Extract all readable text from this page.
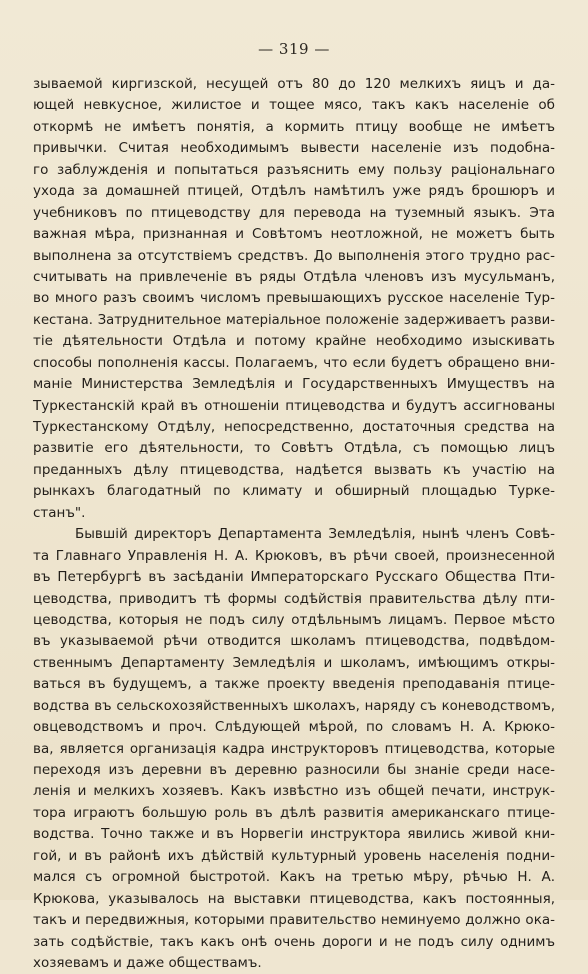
— 319 —
зываемой киргизской, несущей отъ 80 до 120 мелкихъ яицъ и да-
ющей невкусное, жилистое и тощее мясо, такъ какъ населеніе об
откормѣ не имѣетъ понятія, а кормить птицу вообще не имѣетъ
привычки. Считая необходимымъ вывести населеніе изъ подобна-
го заблужденія и попытаться разъяснить ему пользу раціональнаго
ухода за домашней птицей, Отдѣлъ намѣтилъ уже рядъ брошюръ и
учебниковъ по птицеводству для перевода на туземный языкъ. Эта
важная мѣра, признанная и Совѣтомъ неотложной, не можетъ быть
выполнена за отсутствіемъ средствъ. До выполненія этого трудно рас-
считывать на привлеченіе въ ряды Отдѣла членовъ изъ мусульманъ,
во много разъ своимъ числомъ превышающихъ русское населеніе Тур-
кестана. Затруднительное матеріальное положеніе задерживаетъ разви-
тіе дѣятельности Отдѣла и потому крайне необходимо изыскивать
способы пополненія кассы. Полагаемъ, что если будетъ обращено вни-
маніе Министерства Земледѣлія и Государственныхъ Имуществъ на
Туркестанскій край въ отношеніи птицеводства и будутъ ассигнованы
Туркестанскому Отдѣлу, непосредственно, достаточныя средства на
развитіе его дѣятельности, то Совѣтъ Отдѣла, съ помощью лицъ
преданныхъ дѣлу птицеводства, надѣется вызвать къ участію на
рынкахъ благодатный по климату и обширный площадью Турке-
станъ".
Бывшій директоръ Департамента Земледѣлія, нынѣ членъ Совѣ-
та Главнаго Управленія Н. А. Крюковъ, въ рѣчи своей, произнесенной
въ Петербургѣ въ засѣданіи Императорскаго Русскаго Общества Пти-
цеводства, приводитъ тѣ формы содѣйствія правительства дѣлу пти-
цеводства, которыя не подъ силу отдѣльнымъ лицамъ. Первое мѣсто
въ указываемой рѣчи отводится школамъ птицеводства, подвѣдом-
ственнымъ Департаменту Земледѣлія и школамъ, имѣющимъ откры-
ваться въ будущемъ, а также проекту введенія преподаванія птице-
водства въ сельскохозяйственныхъ школахъ, наряду съ коневодствомъ,
овцеводствомъ и проч. Слѣдующей мѣрой, по словамъ Н. А. Крюко-
ва, является организація кадра инструкторовъ птицеводства, которые
переходя изъ деревни въ деревню разносили бы знаніе среди насе-
ленія и мелкихъ хозяевъ. Какъ извѣстно изъ общей печати, инструк-
тора играютъ большую роль въ дѣлѣ развитія американскаго птице-
водства. Точно также и въ Норвегіи инструктора явились живой кни-
гой, и въ районѣ ихъ дѣйствій культурный уровень населенія подни-
мался съ огромной быстротой. Какъ на третью мѣру, рѣчью Н. А.
Крюкова, указывалось на выставки птицеводства, какъ постоянныя,
такъ и передвижныя, которыми правительство неминуемо должно ока-
зать содѣйствіе, такъ какъ онѣ очень дороги и не подъ силу однимъ
хозяевамъ и даже обществамъ.
